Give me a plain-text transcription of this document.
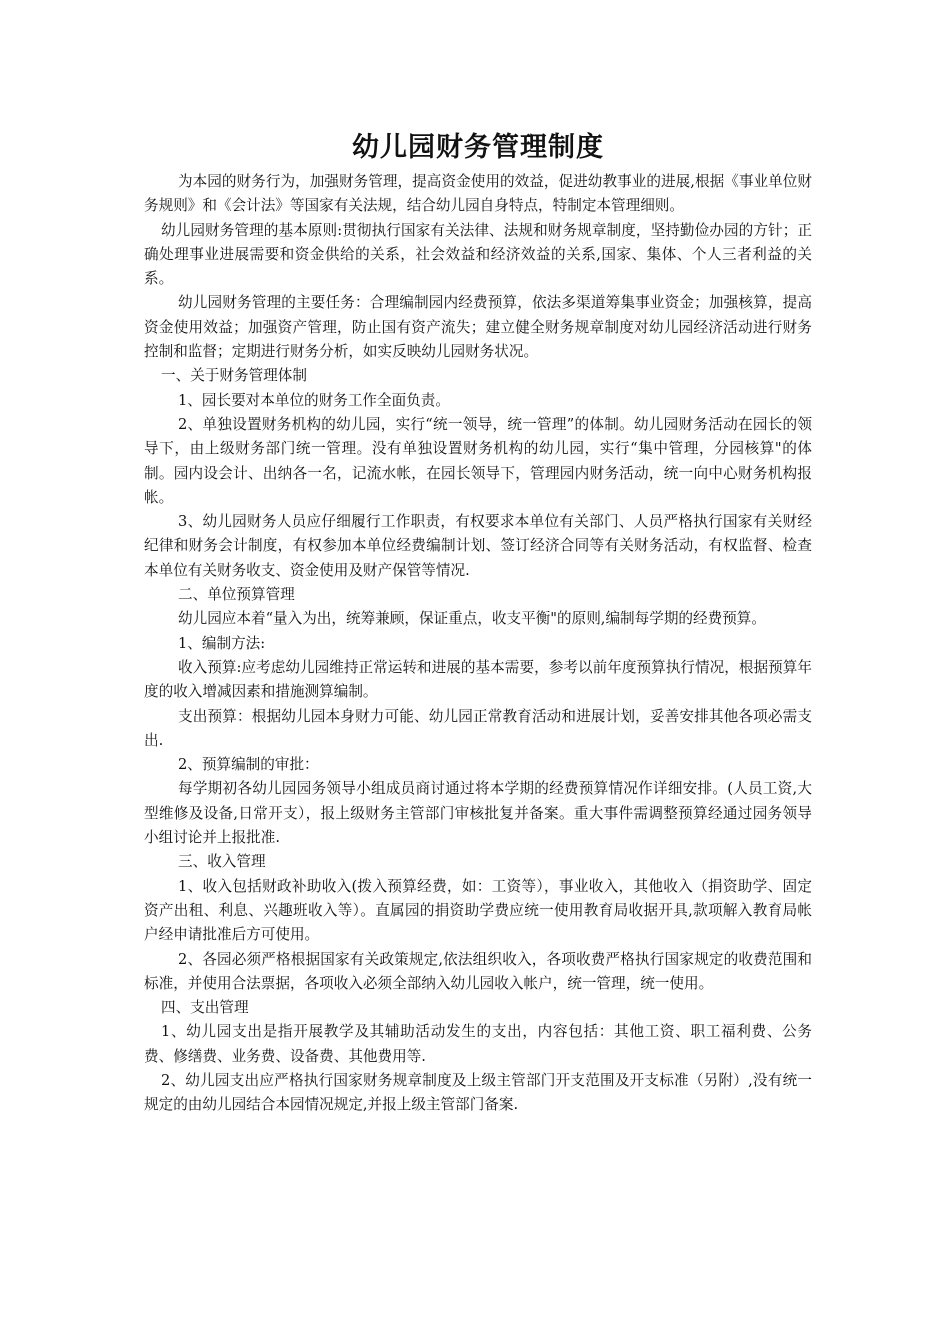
幼儿园财务管理制度

为本园的财务行为，加强财务管理，提高资金使用的效益，促进幼教事业的进展,根据《事业单位财务规则》和《会计法》等国家有关法规，结合幼儿园自身特点，特制定本管理细则。

幼儿园财务管理的基本原则:贯彻执行国家有关法律、法规和财务规章制度，坚持勤俭办园的方针；正确处理事业进展需要和资金供给的关系，社会效益和经济效益的关系,国家、集体、个人三者利益的关系。

幼儿园财务管理的主要任务：合理编制园内经费预算，依法多渠道筹集事业资金；加强核算，提高资金使用效益；加强资产管理，防止国有资产流失；建立健全财务规章制度对幼儿园经济活动进行财务控制和监督；定期进行财务分析，如实反映幼儿园财务状况。

一、关于财务管理体制

1、园长要对本单位的财务工作全面负责。

2、单独设置财务机构的幼儿园，实行“统一领导，统一管理”的体制。幼儿园财务活动在园长的领导下，由上级财务部门统一管理。没有单独设置财务机构的幼儿园，实行“集中管理，分园核算"的体制。园内设会计、出纳各一名，记流水帐，在园长领导下，管理园内财务活动，统一向中心财务机构报帐。

3、幼儿园财务人员应仔细履行工作职责，有权要求本单位有关部门、人员严格执行国家有关财经纪律和财务会计制度，有权参加本单位经费编制计划、签订经济合同等有关财务活动，有权监督、检查本单位有关财务收支、资金使用及财产保管等情况.

二、单位预算管理

幼儿园应本着“量入为出，统筹兼顾，保证重点，收支平衡"的原则,编制每学期的经费预算。

1、编制方法:

收入预算:应考虑幼儿园维持正常运转和进展的基本需要，参考以前年度预算执行情况，根据预算年度的收入增减因素和措施测算编制。

支出预算：根据幼儿园本身财力可能、幼儿园正常教育活动和进展计划，妥善安排其他各项必需支出.

2、预算编制的审批：

每学期初各幼儿园园务领导小组成员商讨通过将本学期的经费预算情况作详细安排。(人员工资,大型维修及设备,日常开支），报上级财务主管部门审核批复并备案。重大事件需调整预算经通过园务领导小组讨论并上报批准.

三、收入管理

1、收入包括财政补助收入(拨入预算经费，如：工资等），事业收入，其他收入（捐资助学、固定资产出租、利息、兴趣班收入等）。直属园的捐资助学费应统一使用教育局收据开具,款项解入教育局帐户经申请批准后方可使用。

2、各园必须严格根据国家有关政策规定,依法组织收入，各项收费严格执行国家规定的收费范围和标准，并使用合法票据，各项收入必须全部纳入幼儿园收入帐户，统一管理，统一使用。

四、支出管理

1、幼儿园支出是指开展教学及其辅助活动发生的支出，内容包括：其他工资、职工福利费、公务费、修缮费、业务费、设备费、其他费用等.

2、幼儿园支出应严格执行国家财务规章制度及上级主管部门开支范围及开支标准（另附）,没有统一规定的由幼儿园结合本园情况规定,并报上级主管部门备案.
